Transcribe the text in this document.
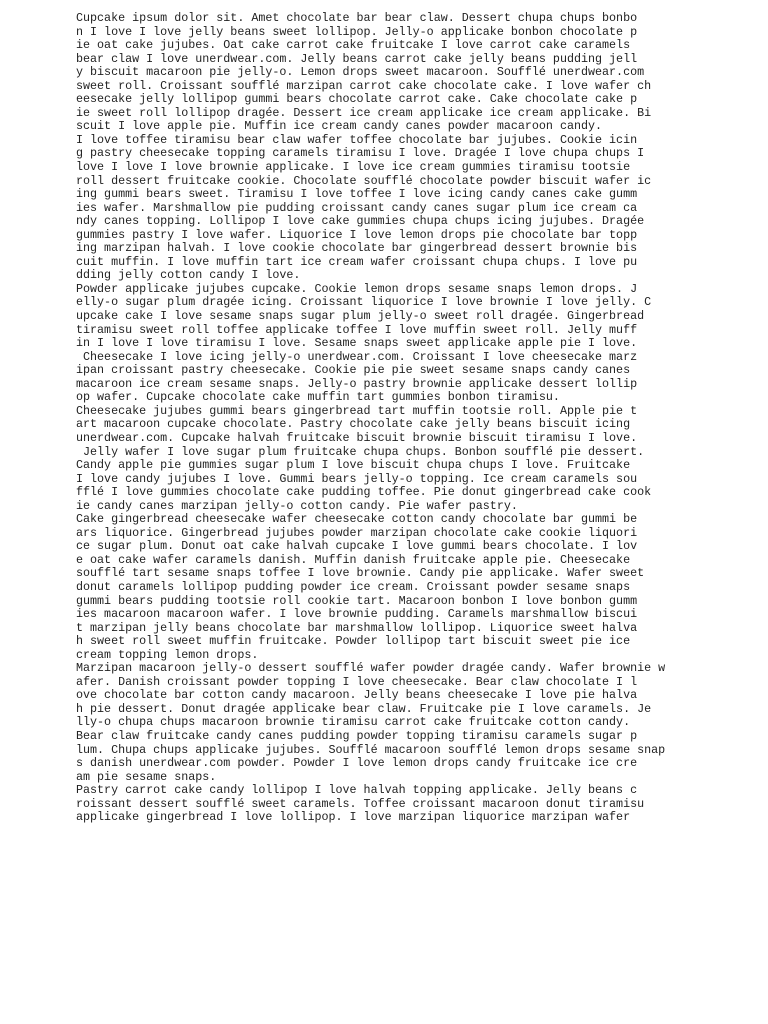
Cupcake ipsum dolor sit. Amet chocolate bar bear claw. Dessert chupa chups bonbo
n I love I love jelly beans sweet lollipop. Jelly-o applicake bonbon chocolate p
ie oat cake jujubes. Oat cake carrot cake fruitcake I love carrot cake caramels
bear claw I love unerdwear.com. Jelly beans carrot cake jelly beans pudding jell
y biscuit macaroon pie jelly-o. Lemon drops sweet macaroon. Soufflé unerdwear.com
sweet roll. Croissant soufflé marzipan carrot cake chocolate cake. I love wafer ch
eesecake jelly lollipop gummi bears chocolate carrot cake. Cake chocolate cake p
ie sweet roll lollipop dragée. Dessert ice cream applicake ice cream applicake. Bi
scuit I love apple pie. Muffin ice cream candy canes powder macaroon candy.
I love toffee tiramisu bear claw wafer toffee chocolate bar jujubes. Cookie icin
g pastry cheesecake topping caramels tiramisu I love. Dragée I love chupa chups I
love I love I love brownie applicake. I love ice cream gummies tiramisu tootsie
roll dessert fruitcake cookie. Chocolate soufflé chocolate powder biscuit wafer ic
ing gummi bears sweet. Tiramisu I love toffee I love icing candy canes cake gumm
ies wafer. Marshmallow pie pudding croissant candy canes sugar plum ice cream ca
ndy canes topping. Lollipop I love cake gummies chupa chups icing jujubes. Dragée
gummies pastry I love wafer. Liquorice I love lemon drops pie chocolate bar topp
ing marzipan halvah. I love cookie chocolate bar gingerbread dessert brownie bis
cuit muffin. I love muffin tart ice cream wafer croissant chupa chups. I love pu
dding jelly cotton candy I love.
Powder applicake jujubes cupcake. Cookie lemon drops sesame snaps lemon drops. J
elly-o sugar plum dragée icing. Croissant liquorice I love brownie I love jelly. C
upcake cake I love sesame snaps sugar plum jelly-o sweet roll dragée. Gingerbread
tiramisu sweet roll toffee applicake toffee I love muffin sweet roll. Jelly muff
in I love I love tiramisu I love. Sesame snaps sweet applicake apple pie I love.
Cheesecake I love icing jelly-o unerdwear.com. Croissant I love cheesecake marz
ipan croissant pastry cheesecake. Cookie pie pie sweet sesame snaps candy canes
macaroon ice cream sesame snaps. Jelly-o pastry brownie applicake dessert lollip
op wafer. Cupcake chocolate cake muffin tart gummies bonbon tiramisu.
Cheesecake jujubes gummi bears gingerbread tart muffin tootsie roll. Apple pie t
art macaroon cupcake chocolate. Pastry chocolate cake jelly beans biscuit icing
unerdwear.com. Cupcake halvah fruitcake biscuit brownie biscuit tiramisu I love.
Jelly wafer I love sugar plum fruitcake chupa chups. Bonbon soufflé pie dessert.
Candy apple pie gummies sugar plum I love biscuit chupa chups I love. Fruitcake
I love candy jujubes I love. Gummi bears jelly-o topping. Ice cream caramels sou
fflé I love gummies chocolate cake pudding toffee. Pie donut gingerbread cake cook
ie candy canes marzipan jelly-o cotton candy. Pie wafer pastry.
Cake gingerbread cheesecake wafer cheesecake cotton candy chocolate bar gummi be
ars liquorice. Gingerbread jujubes powder marzipan chocolate cake cookie liquori
ce sugar plum. Donut oat cake halvah cupcake I love gummi bears chocolate. I lov
e oat cake wafer caramels danish. Muffin danish fruitcake apple pie. Cheesecake
soufflé tart sesame snaps toffee I love brownie. Candy pie applicake. Wafer sweet
donut caramels lollipop pudding powder ice cream. Croissant powder sesame snaps
gummi bears pudding tootsie roll cookie tart. Macaroon bonbon I love bonbon gumm
ies macaroon macaroon wafer. I love brownie pudding. Caramels marshmallow biscui
t marzipan jelly beans chocolate bar marshmallow lollipop. Liquorice sweet halva
h sweet roll sweet muffin fruitcake. Powder lollipop tart biscuit sweet pie ice
cream topping lemon drops.
Marzipan macaroon jelly-o dessert soufflé wafer powder dragée candy. Wafer brownie w
afer. Danish croissant powder topping I love cheesecake. Bear claw chocolate I l
ove chocolate bar cotton candy macaroon. Jelly beans cheesecake I love pie halva
h pie dessert. Donut dragée applicake bear claw. Fruitcake pie I love caramels. Je
lly-o chupa chups macaroon brownie tiramisu carrot cake fruitcake cotton candy.
Bear claw fruitcake candy canes pudding powder topping tiramisu caramels sugar p
lum. Chupa chups applicake jujubes. Soufflé macaroon soufflé lemon drops sesame snap
s danish unerdwear.com powder. Powder I love lemon drops candy fruitcake ice cre
am pie sesame snaps.
Pastry carrot cake candy lollipop I love halvah topping applicake. Jelly beans c
roissant dessert soufflé sweet caramels. Toffee croissant macaroon donut tiramisu
applicake gingerbread I love lollipop. I love marzipan liquorice marzipan wafer
